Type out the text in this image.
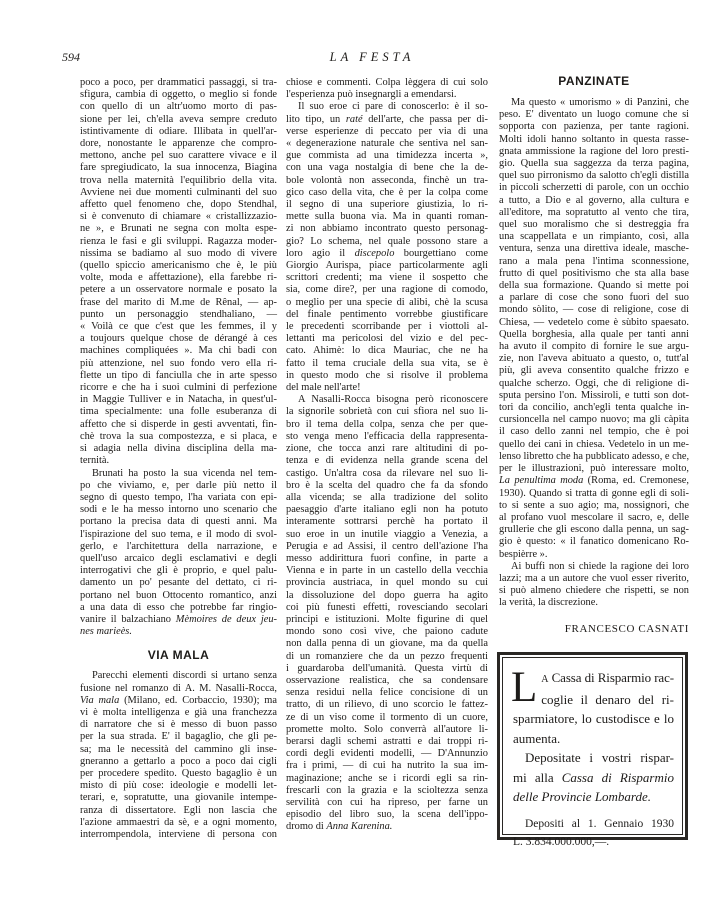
594	LA FESTA
poco a poco, per drammatici passaggi, si tra-
sfigura, cambia di oggetto, o meglio si fonde
con quello di un altr'uomo morto di pas-
sione per lei, ch'ella aveva sempre creduto
istintivamente di odiare. Illibata in quell'ar-
dore, nonostante le apparenze che compro-
mettono, anche pel suo carattere vivace e il
fare spregiudicato, la sua innocenza, Biagina
trova nella maternità l'equilibrio della vita.
Avviene nei due momenti culminanti del suo
affetto quel fenomeno che, dopo Stendhal,
si è convenuto di chiamare « cristallizzazio-
ne », e Brunati ne segna con molta espe-
rienza le fasi e gli sviluppi. Ragazza moder-
nissima se badiamo al suo modo di vivere
(quello spiccio americanismo che è, le più
volte, moda e affettazione), ella farebbe ri-
petere a un osservatore normale e posato la
frase del marito di M.me de Rênal, — ap-
punto un personaggio stendhaliano, —
« Voilà ce que c'est que les femmes, il y
a toujours quelque chose de dérangé à ces
machines compliquées ». Ma chi badi con
più attenzione, nel suo fondo vero ella ri-
flette un tipo di fanciulla che in arte spesso
ricorre e che ha i suoi culmini di perfezione
in Maggie Tulliver e in Natacha, in quest'ul-
tima specialmente: una folle esuberanza di
affetto che si disperde in gesti avventati, fin-
chè trova la sua compostezza, e si placa, e
si adagia nella divina disciplina della ma-
ternità.
Brunati ha posto la sua vicenda nel tem-
po che viviamo, e, per darle più netto il
segno di questo tempo, l'ha variata con epi-
sodi e le ha messo intorno uno scenario che
portano la precisa data di questi anni. Ma
l'ispirazione del suo tema, e il modo di svol-
gerlo, e l'architettura della narrazione, e
quell'uso arcaico degli esclamativi e degli
interrogativi che gli è proprio, e quel palu-
damento un po' pesante del dettato, ci ri-
portano nel buon Ottocento romantico, anzi
a una data di esso che potrebbe far ringio-
vanire il balzachiano Mèmoires de deux jeu-
nes marieès.
VIA MALA
Parecchi elementi discordi si urtano senza
fusione nel romanzo di A. M. Nasalli-Rocca,
Via mala (Milano, ed. Corbaccio, 1930); ma
vi è molta intelligenza e già una franchezza
di narratore che si è messo di buon passo
per la sua strada. E' il bagaglio, che gli pe-
sa; ma le necessità del cammino gli inse-
gneranno a gettarlo a poco a poco dai cigli
per procedere spedito. Questo bagaglio è un
misto di più cose: ideologie e modelli let-
terari, e, sopratutte, una giovanile intempe-
ranza di dissertatore. Egli non lascia che
l'azione ammaestri da sè, e a ogni momento,
interrompendola, interviene di persona con
chiose e commenti. Colpa lèggera di cui solo
l'esperienza può insegnargli a emendarsi.
Il suo eroe ci pare di conoscerlo: è il so-
lito tipo, un raté dell'arte, che passa per di-
verse esperienze di peccato per via di una
« degenerazione naturale che sentiva nel san-
gue commista ad una timidezza incerta »,
con una vaga nostalgia di bene che la de-
bole volontà non asseconda, finchè un tra-
gico caso della vita, che è per la colpa come
il segno di una superiore giustizia, lo ri-
mette sulla buona via. Ma in quanti roman-
zi non abbiamo incontrato questo personag-
gio? Lo schema, nel quale possono stare a
loro agio il discepolo bourgettiano come
Giorgio Aurispa, piace particolarmente agli
scrittori credenti; ma viene il sospetto che
sia, come dire?, per una ragione di comodo,
o meglio per una specie di alibi, chè la scusa
del finale pentimento vorrebbe giustificare
le precedenti scorribande per i viottoli al-
lettanti ma pericolosi del vizio e del pec-
cato. Ahimè: lo dica Mauriac, che ne ha
fatto il tema cruciale della sua vita, se è
in questo modo che si risolve il problema
del male nell'arte!
A Nasalli-Rocca bisogna però riconoscere
la signorile sobrietà con cui sfiora nel suo li-
bro il tema della colpa, senza che per que-
sto venga meno l'efficacia della rappresenta-
zione, che tocca anzi rare altitudini di po-
tenza e di evidenza nella grande scena del
castigo. Un'altra cosa da rilevare nel suo li-
bro è la scelta del quadro che fa da sfondo
alla vicenda; se alla tradizione del solito
paesaggio d'arte italiano egli non ha potuto
interamente sottrarsi perchè ha portato il
suo eroe in un inutile viaggio a Venezia, a
Perugia e ad Assisi, il centro dell'azione l'ha
messo addirittura fuori confine, in parte a
Vienna e in parte in un castello della vecchia
provincia austriaca, in quel mondo su cui
la dissoluzione del dopo guerra ha agito
coi più funesti effetti, rovesciando secolari
principi e istituzioni. Molte figurine di quel
mondo sono così vive, che paiono cadute
non dalla penna di un giovane, ma da quella
di un romanziere che da un pezzo frequenti
i guardaroba dell'umanità. Questa virtù di
osservazione realistica, che sa condensare
senza residui nella felice concisione di un
tratto, di un rilievo, di uno scorcio le fattez-
ze di un viso come il tormento di un cuore,
promette molto. Solo converrà all'autore li-
berarsi dagli schemi astratti e dai troppi ri-
cordi degli evidenti modelli, — D'Annunzio
fra i primi, — di cui ha nutrito la sua im-
maginazione; anche se i ricordi egli sa rin-
frescarli con la grazia e la scioltezza senza
servilità con cui ha ripreso, per farne un
episodio del libro suo, la scena dell'ippo-
dromo di Anna Karenina.
PANZINATE
Ma questo « umorismo » di Panzini, che
peso. E' diventato un luogo comune che si
sopporta con pazienza, per tante ragioni.
Molti idoli hanno soltanto in questa rasse-
gnata ammissione la ragione del loro presti-
gio. Quella sua saggezza da terza pagina,
quel suo pirronismo da salotto ch'egli distilla
in piccoli scherzetti di parole, con un occhio
a tutto, a Dio e al governo, alla cultura e
all'editore, ma sopratutto al vento che tira,
quel suo moralismo che si destreggia fra
una scappellata e un rimpianto, così, alla
ventura, senza una direttiva ideale, masche-
rano a mala pena l'intima sconnessione,
frutto di quel positivismo che sta alla base
della sua formazione. Quando si mette poi
a parlare di cose che sono fuori del suo
mondo sòlito, — cose di religione, cose di
Chiesa, — vedetelo come è sùbito spaesato.
Quella borghesia, alla quale per tanti anni
ha avuto il compito di fornire le sue argu-
zie, non l'aveva abituato a questo, o, tutt'al
più, gli aveva consentito qualche frizzo e
qualche scherzo. Oggi, che di religione di-
sputa persino l'on. Missiroli, e tutti son dot-
tori da concilio, anch'egli tenta qualche in-
cursioncella nel campo nuovo; ma gli càpita
il caso dello zanni nel tempio, che è poi
quello dei cani in chiesa. Vedetelo in un me-
lenso libretto che ha pubblicato adesso, e che,
per le illustrazioni, può interessare molto,
La penultima moda (Roma, ed. Cremonese,
1930). Quando si tratta di gonne egli di soli-
to si sente a suo agio; ma, nossignori, che
al profano vuol mescolare il sacro, e, delle
grullerie che gli escono dalla penna, un sag-
gio è questo: « il fanatico domenicano Ro-
bespièrre ».
Ai buffi non si chiede la ragione dei loro
lazzi; ma a un autore che vuol esser riverito,
si può almeno chiedere che rispetti, se non
la verità, la discrezione.
FRANCESCO CASNATI
L A Cassa di Risparmio rac-
coglie il denaro del ri-
sparmiatore, lo custodisce e lo
aumenta.
Depositate i vostri rispar-
mi alla Cassa di Risparmio
delle Provincie Lombarde.
Depositi al 1. Gennaio 1930
L. 3.834.000.000,—.
